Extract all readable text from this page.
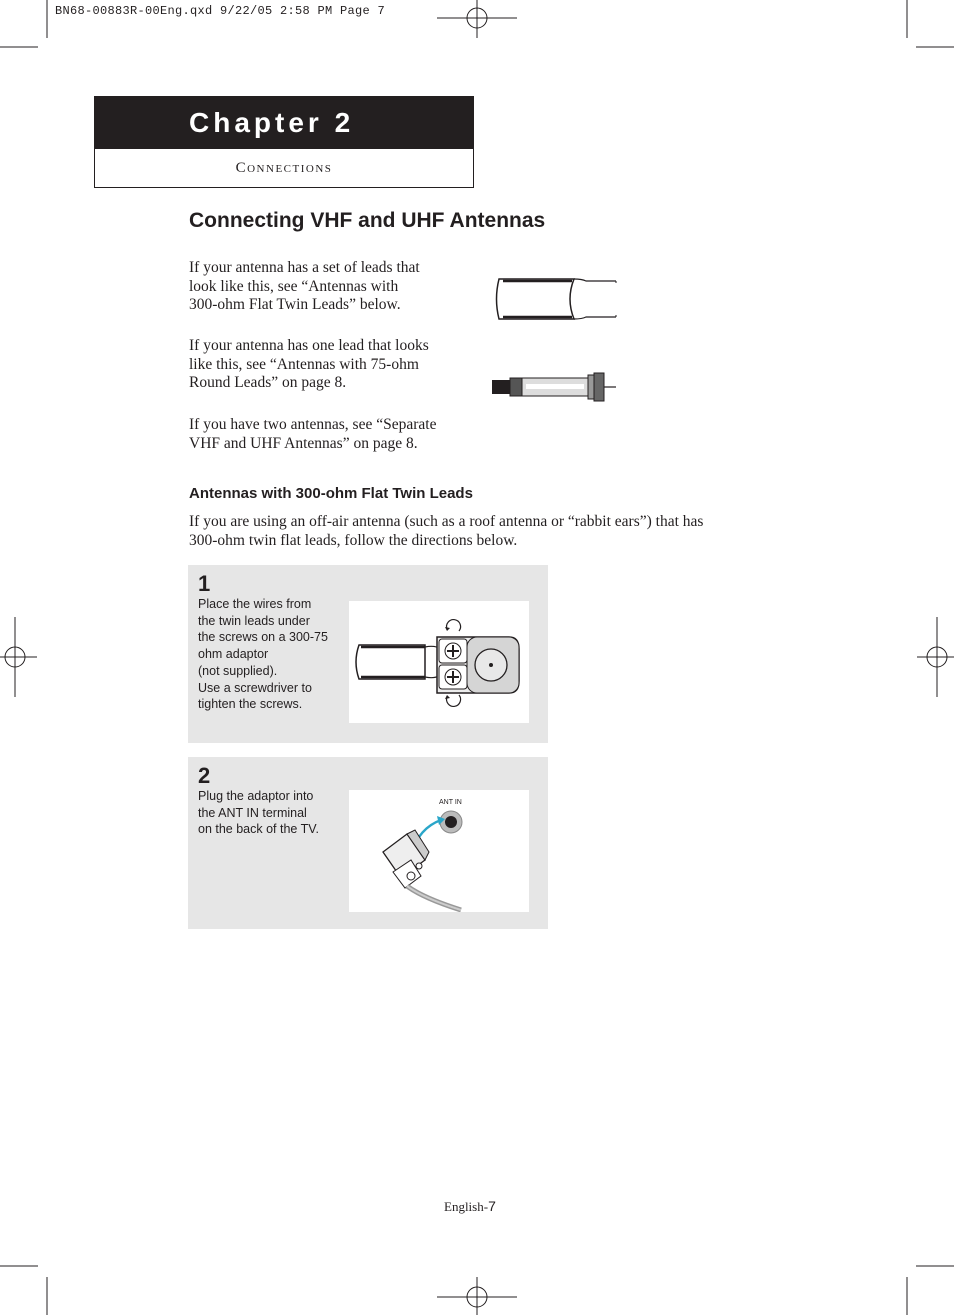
BN68-00883R-00Eng.qxd 9/22/05 2:58 PM Page 7
Chapter 2
Connections
Connecting VHF and UHF Antennas
If your antenna has a set of leads that
look like this, see “Antennas with
300-ohm Flat Twin Leads” below.
If your antenna has one lead that looks
like this, see “Antennas with 75-ohm
Round Leads” on page 8.
If you have two antennas, see “Separate
VHF and UHF Antennas” on page 8.
Antennas with 300-ohm Flat Twin Leads
If you are using an off-air antenna (such as a roof antenna or “rabbit ears”) that has
300-ohm twin flat leads, follow the directions below.
1
Place the wires from
the twin leads under
the screws on a 300-75
ohm adaptor
(not supplied).
Use a screwdriver to
tighten the screws.
2
Plug the adaptor into
the ANT IN terminal
on the back of the TV.
ANT IN
English-7
